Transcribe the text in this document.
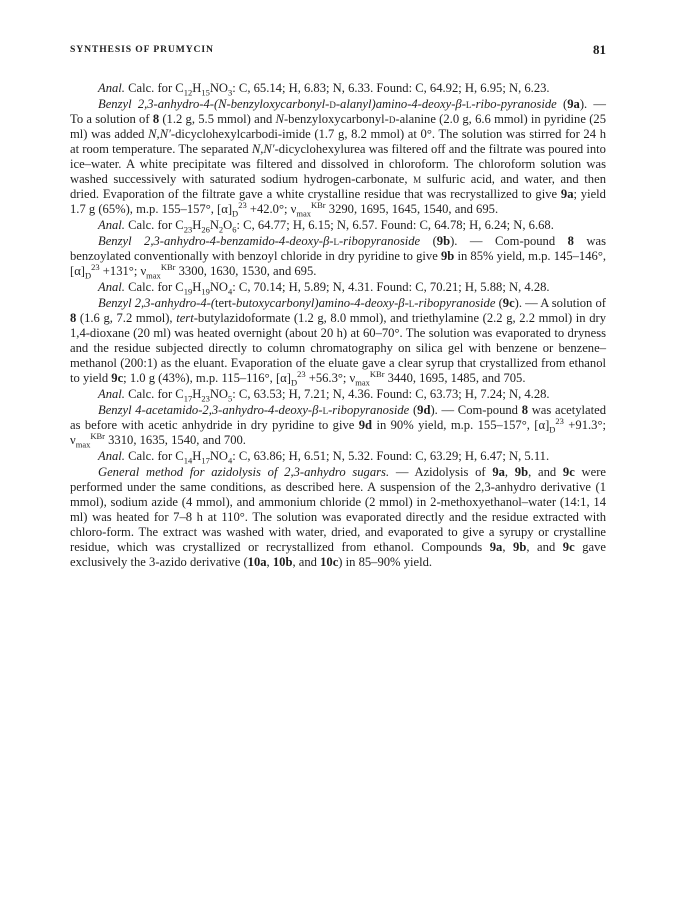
SYNTHESIS OF PRUMYCIN	81

Anal. Calc. for $C_{12}H_{15}NO_3$: C, 65.14; H, 6.83; N, 6.33. Found: C, 64.92; H, 6.95; N, 6.23.

Benzyl 2,3-anhydro-4-(N-benzyloxycarbonyl-d-alanyl)amino-4-deoxy-β-l-ribo-pyranoside (9a). — To a solution of 8 (1.2 g, 5.5 mmol) and N-benzyloxycarbonyl-d-alanine (2.0 g, 6.6 mmol) in pyridine (25 ml) was added N,N′-dicyclohexylcarbodi-imide (1.7 g, 8.2 mmol) at 0°. The solution was stirred for 24 h at room temperature. The separated N,N′-dicyclohexylurea was filtered off and the filtrate was poured into ice–water. A white precipitate was filtered and dissolved in chloroform. The chloroform solution was washed successively with saturated sodium hydrogen-carbonate, m sulfuric acid, and water, and then dried. Evaporation of the filtrate gave a white crystalline residue that was recrystallized to give 9a; yield 1.7 g (65%), m.p. 155–157°, $[\alpha]_D^{23} +42.0^\circ$; $\nu_{max}^{KBr}$ 3290, 1695, 1645, 1540, and 695.

Anal. Calc. for $C_{23}H_{26}N_2O_6$: C, 64.77; H, 6.15; N, 6.57. Found: C, 64.78; H, 6.24; N, 6.68.

Benzyl 2,3-anhydro-4-benzamido-4-deoxy-β-l-ribopyranoside (9b). — Com-pound 8 was benzoylated conventionally with benzoyl chloride in dry pyridine to give 9b in 85% yield, m.p. 145–146°, $[\alpha]_D^{23} +131^\circ$; $\nu_{max}^{KBr}$ 3300, 1630, 1530, and 695.

Anal. Calc. for $C_{19}H_{19}NO_4$: C, 70.14; H, 5.89; N, 4.31. Found: C, 70.21; H, 5.88; N, 4.28.

Benzyl 2,3-anhydro-4-(tert-butoxycarbonyl)amino-4-deoxy-β-l-ribopyranoside (9c). — A solution of 8 (1.6 g, 7.2 mmol), tert-butylazidoformate (1.2 g, 8.0 mmol), and triethylamine (2.2 g, 2.2 mmol) in dry 1,4-dioxane (20 ml) was heated overnight (about 20 h) at 60–70°. The solution was evaporated to dryness and the residue subjected directly to column chromatography on silica gel with benzene or benzene–methanol (200:1) as the eluant. Evaporation of the eluate gave a clear syrup that crystallized from ethanol to yield 9c; 1.0 g (43%), m.p. 115–116°, $[\alpha]_D^{23} +56.3^\circ$; $\nu_{max}^{KBr}$ 3440, 1695, 1485, and 705.

Anal. Calc. for $C_{17}H_{23}NO_5$: C, 63.53; H, 7.21; N, 4.36. Found: C, 63.73; H, 7.24; N, 4.28.

Benzyl 4-acetamido-2,3-anhydro-4-deoxy-β-l-ribopyranoside (9d). — Com-pound 8 was acetylated as before with acetic anhydride in dry pyridine to give 9d in 90% yield, m.p. 155–157°, $[\alpha]_D^{23} +91.3^\circ$; $\nu_{max}^{KBr}$ 3310, 1635, 1540, and 700.

Anal. Calc. for $C_{14}H_{17}NO_4$: C, 63.86; H, 6.51; N, 5.32. Found: C, 63.29; H, 6.47; N, 5.11.

General method for azidolysis of 2,3-anhydro sugars. — Azidolysis of 9a, 9b, and 9c were performed under the same conditions, as described here. A suspension of the 2,3-anhydro derivative (1 mmol), sodium azide (4 mmol), and ammonium chloride (2 mmol) in 2-methoxyethanol–water (14:1, 14 ml) was heated for 7–8 h at 110°. The solution was evaporated directly and the residue extracted with chloro-form. The extract was washed with water, dried, and evaporated to give a syrupy or crystalline residue, which was crystallized or recrystallized from ethanol. Compounds 9a, 9b, and 9c gave exclusively the 3-azido derivative (10a, 10b, and 10c) in 85–90% yield.
